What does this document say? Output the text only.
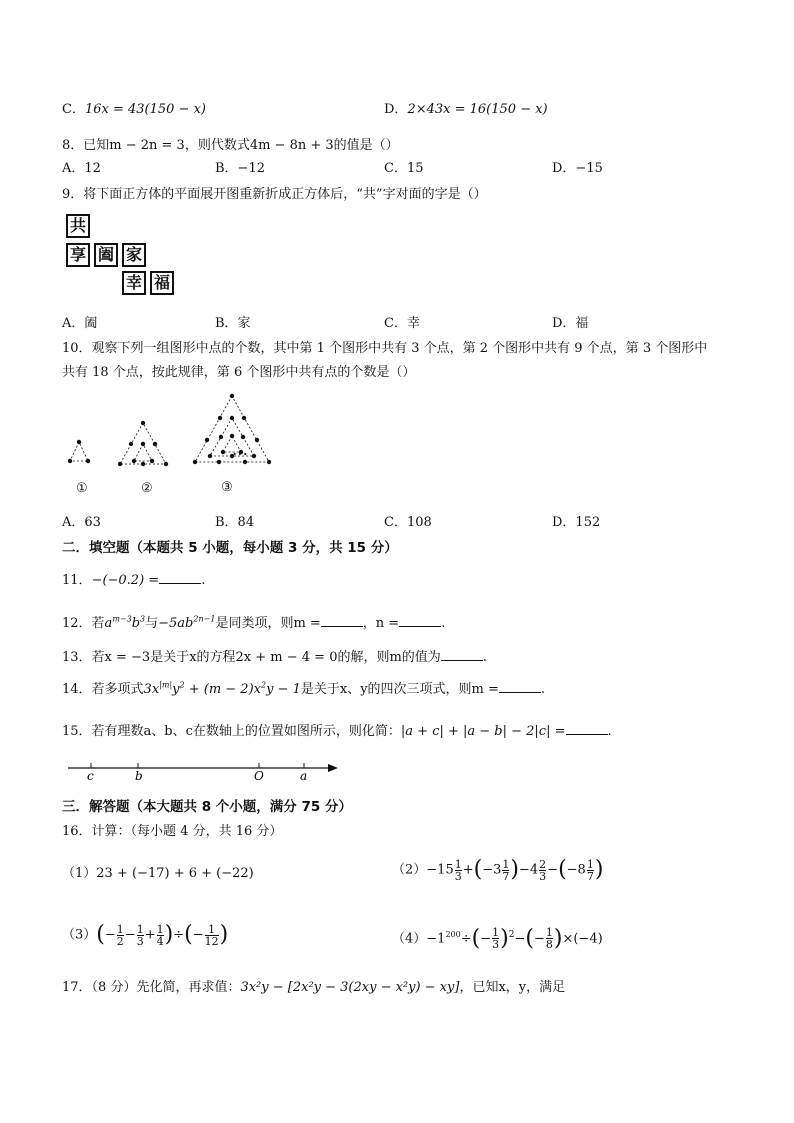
C．16x = 43(150 − x)	D．2×43x = 16(150 − x)
8．已知m − 2n = 3，则代数式4m − 8n + 3的值是（）
A．12	B．−12	C．15	D．−15
9．将下面正方体的平面展开图重新折成正方体后，“共”字对面的字是（）
共
享 阖 家
幸 福
A．阖	B．家	C．幸	D．福
10．观察下列一组图形中点的个数，其中第 1 个图形中共有 3 个点，第 2 个图形中共有 9 个点，第 3 个图形中
共有 18 个点，按此规律，第 6 个图形中共有点的个数是（）
…
①	②	③
A．63	B．84	C．108	D．152
二．填空题（本题共 5 小题，每小题 3 分，共 15 分）
11．−(−0.2) =	.
12．若$a^{m-3}b^3$与$-5ab^{2n-1}$是同类项，则m =	，n =	.
13．若x = −3是关于x的方程2x + m − 4 = 0的解，则m的值为	.
14．若多项式$3x^{|m|}y^2 + (m - 2)x^2y - 1$是关于x、y的四次三项式，则m =	.
15．若有理数a、b、c在数轴上的位置如图所示，则化简：|a + c| + |a − b| − 2|c| =	.
c	b	O	a
三．解答题（本大题共 8 个小题，满分 75 分）
16．计算：（每小题 4 分，共 16 分）
（1）23 + (−17) + 6 + (−22)	$(2)-15 \frac{1}{3} +(-3 \frac{1}{7} )-4 \frac{2}{3} -(-8 \frac{1}{7}$ )
$(3)(- \frac{1}{2} - \frac{1}{3} + \frac{1}{4}$ )÷(− $\frac{1}{12}$ )	$(4)-1^{200}\div(- \frac{1}{3} )^2-(- \frac{1}{8} )\times(-4)$
17．（8 分）先化简，再求值：3x²y − [2x²y − 3(2xy − x²y) − xy]，已知x，y，满足
